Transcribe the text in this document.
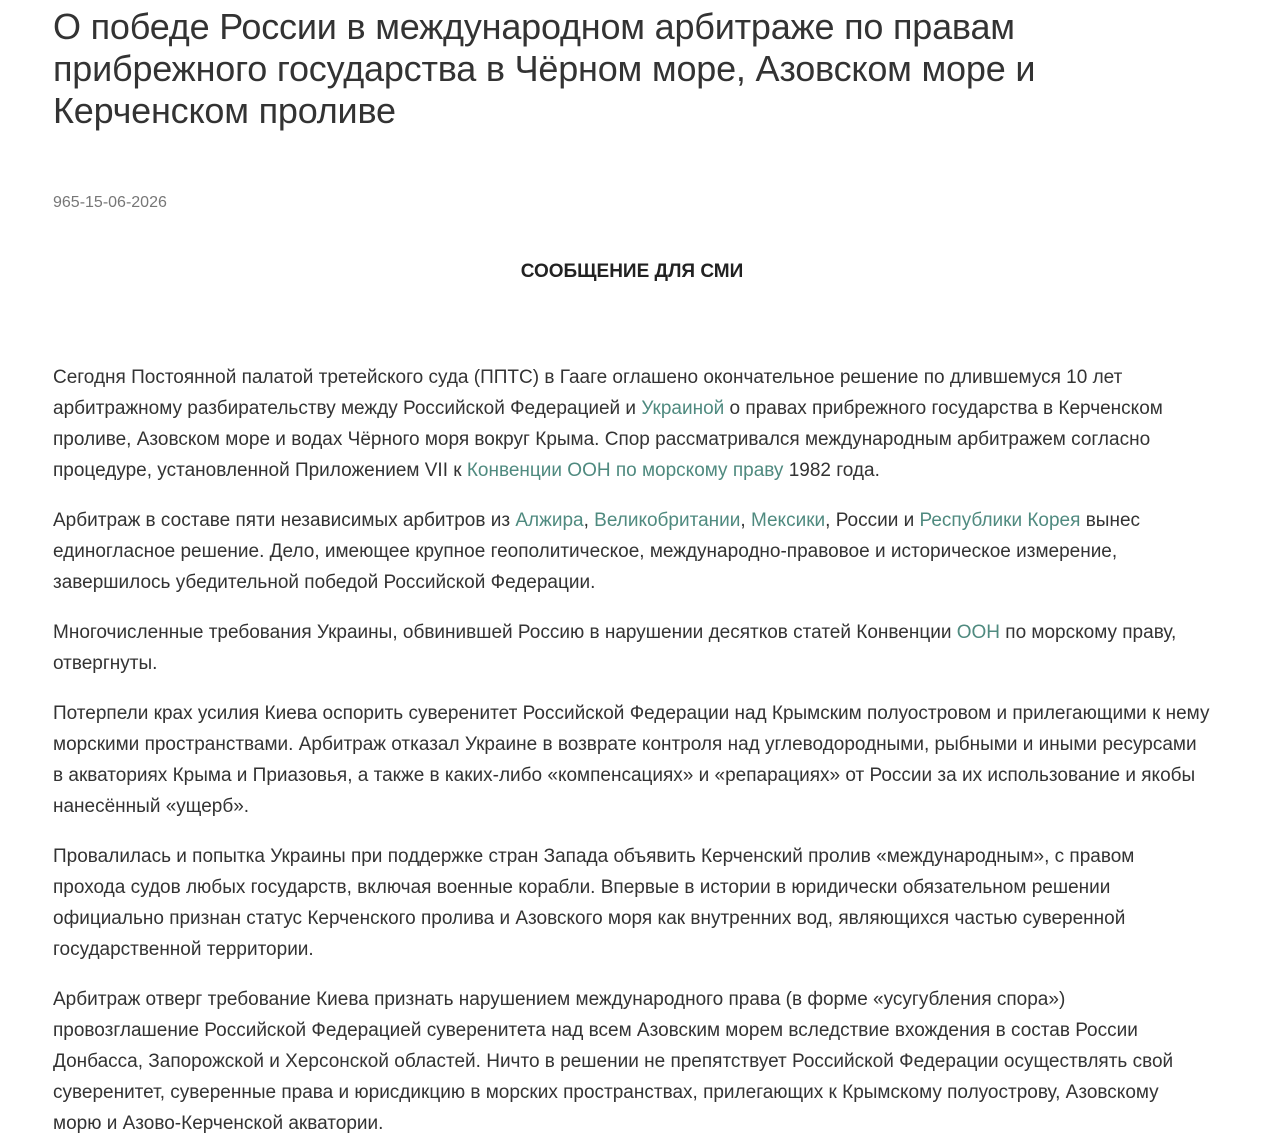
О победе России в международном арбитраже по правам прибрежного государства в Чёрном море, Азовском море и Керченском проливе
965-15-06-2026
СООБЩЕНИЕ ДЛЯ СМИ

Сегодня Постоянной палатой третейского суда (ППТС) в Гааге оглашено окончательное решение по длившемуся 10 лет арбитражному разбирательству между Российской Федерацией и Украиной о правах прибрежного государства в Керченском проливе, Азовском море и водах Чёрного моря вокруг Крыма. Спор рассматривался международным арбитражем согласно процедуре, установленной Приложением VII к Конвенции ООН по морскому праву 1982 года.

Арбитраж в составе пяти независимых арбитров из Алжира, Великобритании, Мексики, России и Республики Корея вынес единогласное решение. Дело, имеющее крупное геополитическое, международно-правовое и историческое измерение, завершилось убедительной победой Российской Федерации.

Многочисленные требования Украины, обвинившей Россию в нарушении десятков статей Конвенции ООН по морскому праву, отвергнуты.

Потерпели крах усилия Киева оспорить суверенитет Российской Федерации над Крымским полуостровом и прилегающими к нему морскими пространствами. Арбитраж отказал Украине в возврате контроля над углеводородными, рыбными и иными ресурсами в акваториях Крыма и Приазовья, а также в каких-либо «компенсациях» и «репарациях» от России за их использование и якобы нанесённый «ущерб».

Провалилась и попытка Украины при поддержке стран Запада объявить Керченский пролив «международным», с правом прохода судов любых государств, включая военные корабли. Впервые в истории в юридически обязательном решении официально признан статус Керченского пролива и Азовского моря как внутренних вод, являющихся частью суверенной государственной территории.

Арбитраж отверг требование Киева признать нарушением международного права (в форме «усугубления спора») провозглашение Российской Федерацией суверенитета над всем Азовским морем вследствие вхождения в состав России Донбасса, Запорожской и Херсонской областей. Ничто в решении не препятствует Российской Федерации осуществлять свой суверенитет, суверенные права и юрисдикцию в морских пространствах, прилегающих к Крымскому полуострову, Азовскому морю и Азово-Керченской акватории.
